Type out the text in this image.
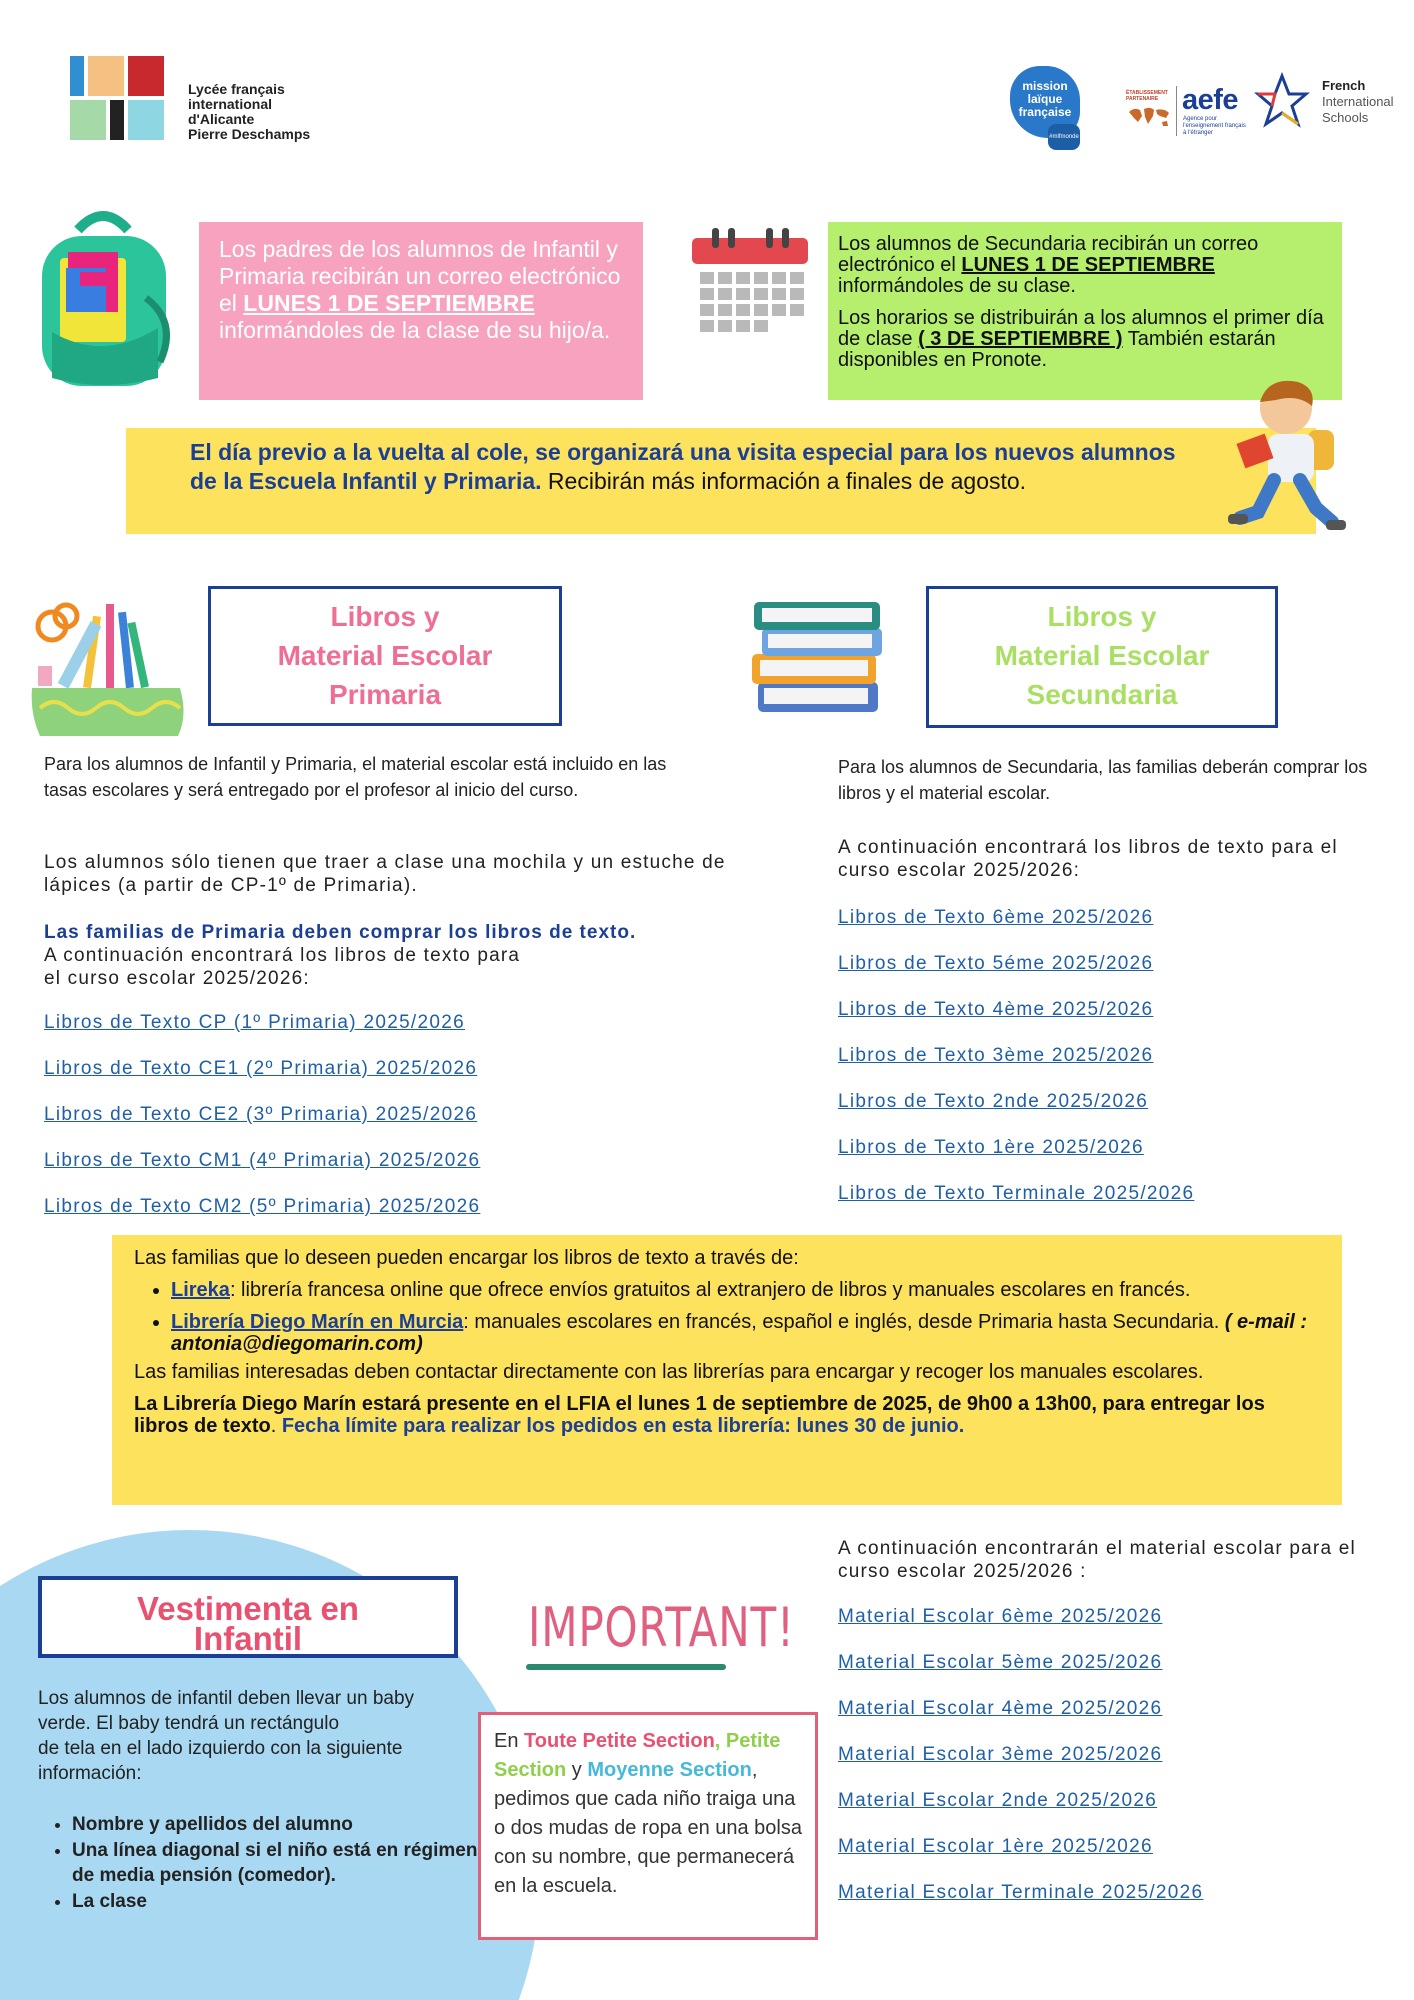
Lycée français
international
d'Alicante
Pierre Deschamps
mission
laïque
française
#mlfmonde
ÉTABLISSEMENT
PARTENAIRE aefe
Agence pour
l'enseignement français
à l'étranger
French
International
Schools
Los padres de los alumnos de Infantil y Primaria recibirán un correo electrónico el LUNES 1 DE SEPTIEMBRE informándoles de la clase de su hijo/a.

Los alumnos de Secundaria recibirán un correo electrónico el LUNES 1 DE SEPTIEMBRE informándoles de su clase.

Los horarios se distribuirán a los alumnos el primer día de clase ( 3 DE SEPTIEMBRE ) También estarán disponibles en Pronote.

El día previo a la vuelta al cole, se organizará una visita especial para los nuevos alumnos de la Escuela Infantil y Primaria. Recibirán más información a finales de agosto.

Libros y
Material Escolar
Primaria
Libros y
Material Escolar
Secundaria
Para los alumnos de Infantil y Primaria, el material escolar está incluido en las tasas escolares y será entregado por el profesor al inicio del curso.
Los alumnos sólo tienen que traer a clase una mochila y un estuche de lápices (a partir de CP-1º de Primaria).
Las familias de Primaria deben comprar los libros de texto.
A continuación encontrará los libros de texto para
el curso escolar 2025/2026:
Libros de Texto CP (1º Primaria) 2025/2026
Libros de Texto CE1 (2º Primaria) 2025/2026
Libros de Texto CE2 (3º Primaria) 2025/2026
Libros de Texto CM1 (4º Primaria) 2025/2026
Libros de Texto CM2 (5º Primaria) 2025/2026
Para los alumnos de Secundaria, las familias deberán comprar los libros y el material escolar.
A continuación encontrará los libros de texto para el curso escolar 2025/2026:
Libros de Texto 6ème 2025/2026
Libros de Texto 5éme 2025/2026
Libros de Texto 4ème 2025/2026
Libros de Texto 3ème 2025/2026
Libros de Texto 2nde 2025/2026
Libros de Texto 1ère 2025/2026
Libros de Texto Terminale 2025/2026

Las familias que lo deseen pueden encargar los libros de texto a través de:

• Lireka: librería francesa online que ofrece envíos gratuitos al extranjero de libros y manuales escolares en francés.
• Librería Diego Marín en Murcia: manuales escolares en francés, español e inglés, desde Primaria hasta Secundaria. ( e-mail : antonia@diegomarin.com)

Las familias interesadas deben contactar directamente con las librerías para encargar y recoger los manuales escolares.

La Librería Diego Marín estará presente en el LFIA el lunes 1 de septiembre de 2025, de 9h00 a 13h00, para entregar los libros de texto. Fecha límite para realizar los pedidos en esta librería: lunes 30 de junio.

A continuación encontrarán el material escolar para el curso escolar 2025/2026 :
Material Escolar 6ème 2025/2026
Material Escolar 5ème 2025/2026
Material Escolar 4ème 2025/2026
Material Escolar 3ème 2025/2026
Material Escolar 2nde 2025/2026
Material Escolar 1ère 2025/2026
Material Escolar Terminale 2025/2026
Vestimenta en
Infantil
Los alumnos de infantil deben llevar un baby
verde. El baby tendrá un rectángulo
de tela en el lado izquierdo con la siguiente
información:
• Nombre y apellidos del alumno
• Una línea diagonal si el niño está en régimen de media pensión (comedor).
• La clase
IMPORTANT!
En Toute Petite Section, Petite Section y Moyenne Section, pedimos que cada niño traiga una o dos mudas de ropa en una bolsa con su nombre, que permanecerá en la escuela.
